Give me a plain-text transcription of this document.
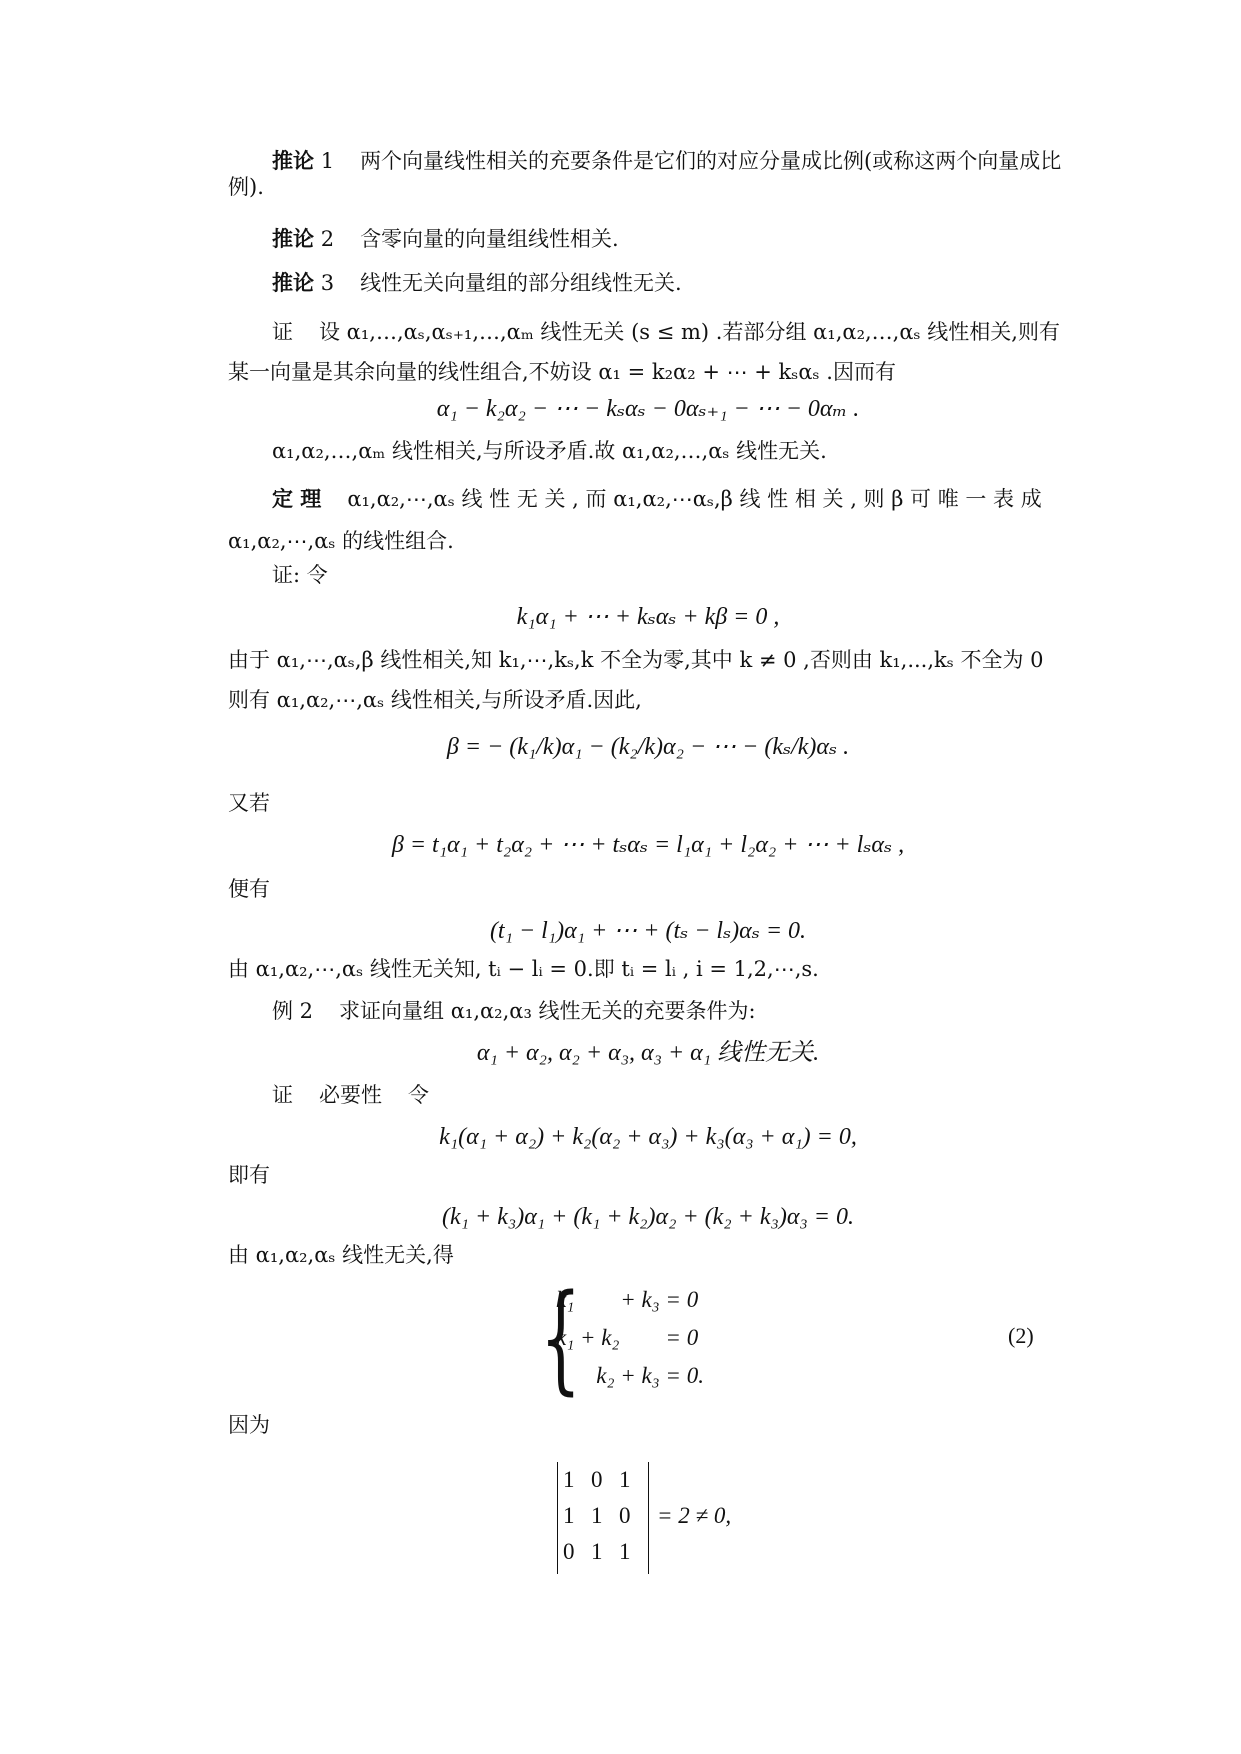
推论 1 两个向量线性相关的充要条件是它们的对应分量成比例(或称这两个向量成比例).
推论 2 含零向量的向量组线性相关.
推论 3 线性无关向量组的部分组线性无关.
证 设 α₁,…,αₛ,αₛ₊₁,…,αₘ 线性无关 (s ≤ m) .若部分组 α₁,α₂,…,αₛ 线性相关,则有某一向量是其余向量的线性组合,不妨设 α₁ = k₂α₂ + ⋯ + kₛαₛ .因而有
α₁ − k₂α₂ − ⋯ − kₛαₛ − 0αₛ₊₁ − ⋯ − 0αₘ .
α₁,α₂,…,αₘ 线性相关,与所设矛盾.故 α₁,α₂,…,αₛ 线性无关.
定 理 α₁,α₂,⋯,αₛ 线 性 无 关 , 而 α₁,α₂,⋯αₛ,β 线 性 相 关 , 则 β 可 唯 一 表 成 α₁,α₂,⋯,αₛ 的线性组合.
证: 令
k₁α₁ + ⋯ + kₛαₛ + kβ = 0 ,
由于 α₁,⋯,αₛ,β 线性相关,知 k₁,⋯,kₛ,k 不全为零,其中 k ≠ 0 ,否则由 k₁,...,kₛ 不全为 0 则有 α₁,α₂,⋯,αₛ 线性相关,与所设矛盾.因此,
β = − (k₁/k)α₁ − (k₂/k)α₂ − ⋯ − (kₛ/k)αₛ .
又若
β = t₁α₁ + t₂α₂ + ⋯ + tₛαₛ = l₁α₁ + l₂α₂ + ⋯ + lₛαₛ ,
便有
(t₁ − l₁)α₁ + ⋯ + (tₛ − lₛ)αₛ = 0.
由 α₁,α₂,⋯,αₛ 线性无关知, tᵢ − lᵢ = 0.即 tᵢ = lᵢ , i = 1,2,⋯,s.
例 2 求证向量组 α₁,α₂,α₃ 线性无关的充要条件为:
α₁ + α₂, α₂ + α₃, α₃ + α₁ 线性无关.
证 必要性 令
k₁(α₁ + α₂) + k₂(α₂ + α₃) + k₃(α₃ + α₁) = 0,
即有
(k₁ + k₃)α₁ + (k₁ + k₂)α₂ + (k₂ + k₃)α₃ = 0.
由 α₁,α₂,αₛ 线性无关,得
{
k₁        + k₃ = 0
k₁ + k₂        = 0
k₂ + k₃ = 0.
(2)
因为
1 0 1
1 1 0
0 1 1
= 2 ≠ 0,
